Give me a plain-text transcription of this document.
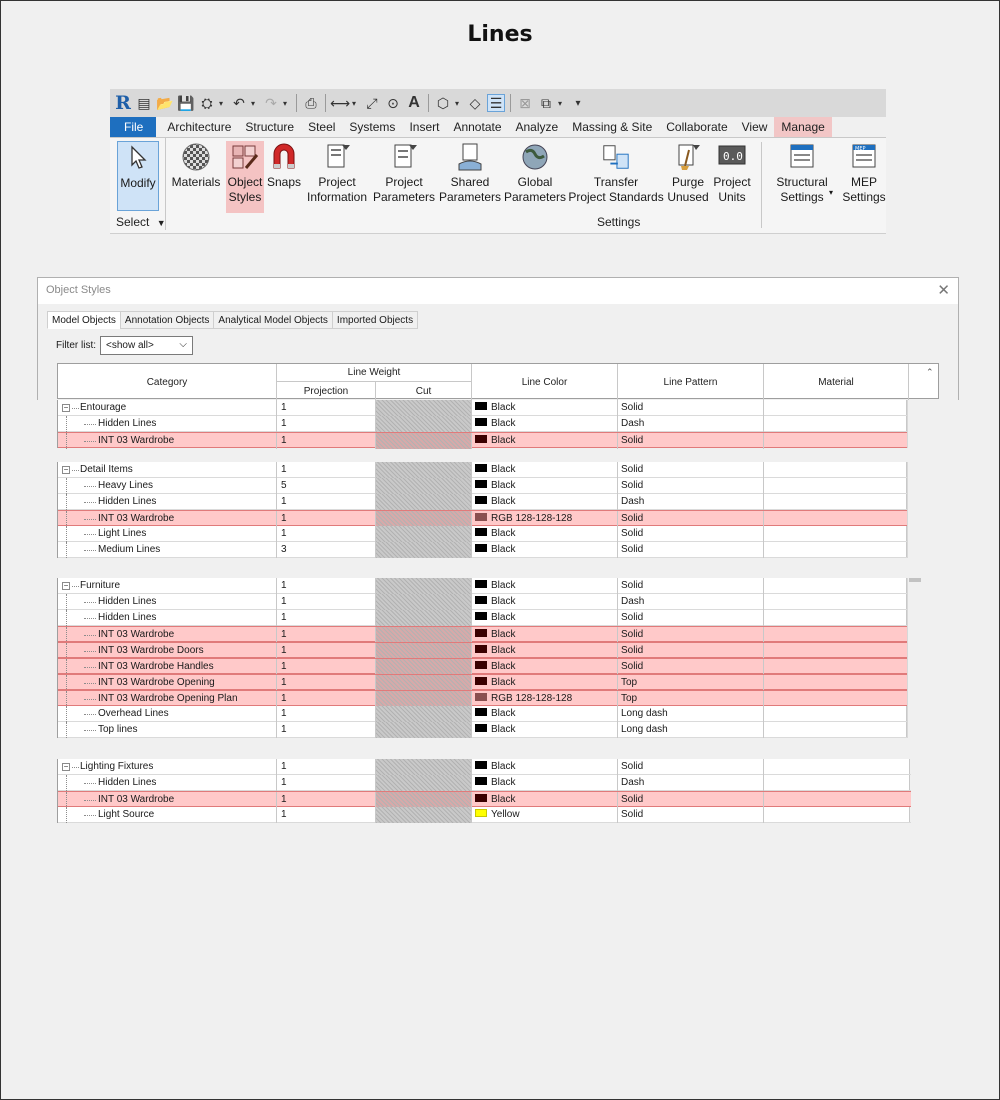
Lines
R ▤ 📂 💾 ⛭ ▾ ↶ ▾ ↷ ▾ ⎙ ⟷ ▾ ⤢ ⊙ A ⬡ ▾ ◇ ☰ ⊠ ⧉ ▾	▾
File	Architecture	Structure	Steel	Systems	Insert	Annotate	Analyze	Massing & Site	Collaborate	View	Manage
Modify Materials Object
Styles
Snaps Project
Information
Project
Parameters
Shared
Parameters
Global
Parameters
Transfer
Project Standards
Purge
Unused
0.0
Project
Units
Structural
Settings ▾
MEP
MEP
Settings
Select ▼	Settings
Object Styles	✕
Model Objects Annotation Objects Analytical Model Objects Imported Objects
Filter list:	<show all>	⌵
Category
Line Weight
Projection	Cut
Line Color	Line Pattern	Material
⌃
− Entourage	1	Black	Solid
Hidden Lines	1	Black	Dash
INT 03 Wardrobe	1	Black	Solid
− Detail Items	1	Black	Solid
Heavy Lines	5	Black	Solid
Hidden Lines	1	Black	Dash
INT 03 Wardrobe	1	RGB 128-128-128	Solid
Light Lines	1	Black	Solid
Medium Lines	3	Black	Solid
− Furniture	1	Black	Solid
Hidden Lines	1	Black	Dash
Hidden Lines	1	Black	Solid
INT 03 Wardrobe	1	Black	Solid
INT 03 Wardrobe Doors	1	Black	Solid
INT 03 Wardrobe Handles	1	Black	Solid
INT 03 Wardrobe Opening	1	Black	Top
INT 03 Wardrobe Opening Plan	1	RGB 128-128-128	Top
Overhead Lines	1	Black	Long dash
Top lines	1	Black	Long dash
− Lighting Fixtures	1	Black	Solid
Hidden Lines	1	Black	Dash
INT 03 Wardrobe	1	Black	Solid
Light Source	1	Yellow	Solid
